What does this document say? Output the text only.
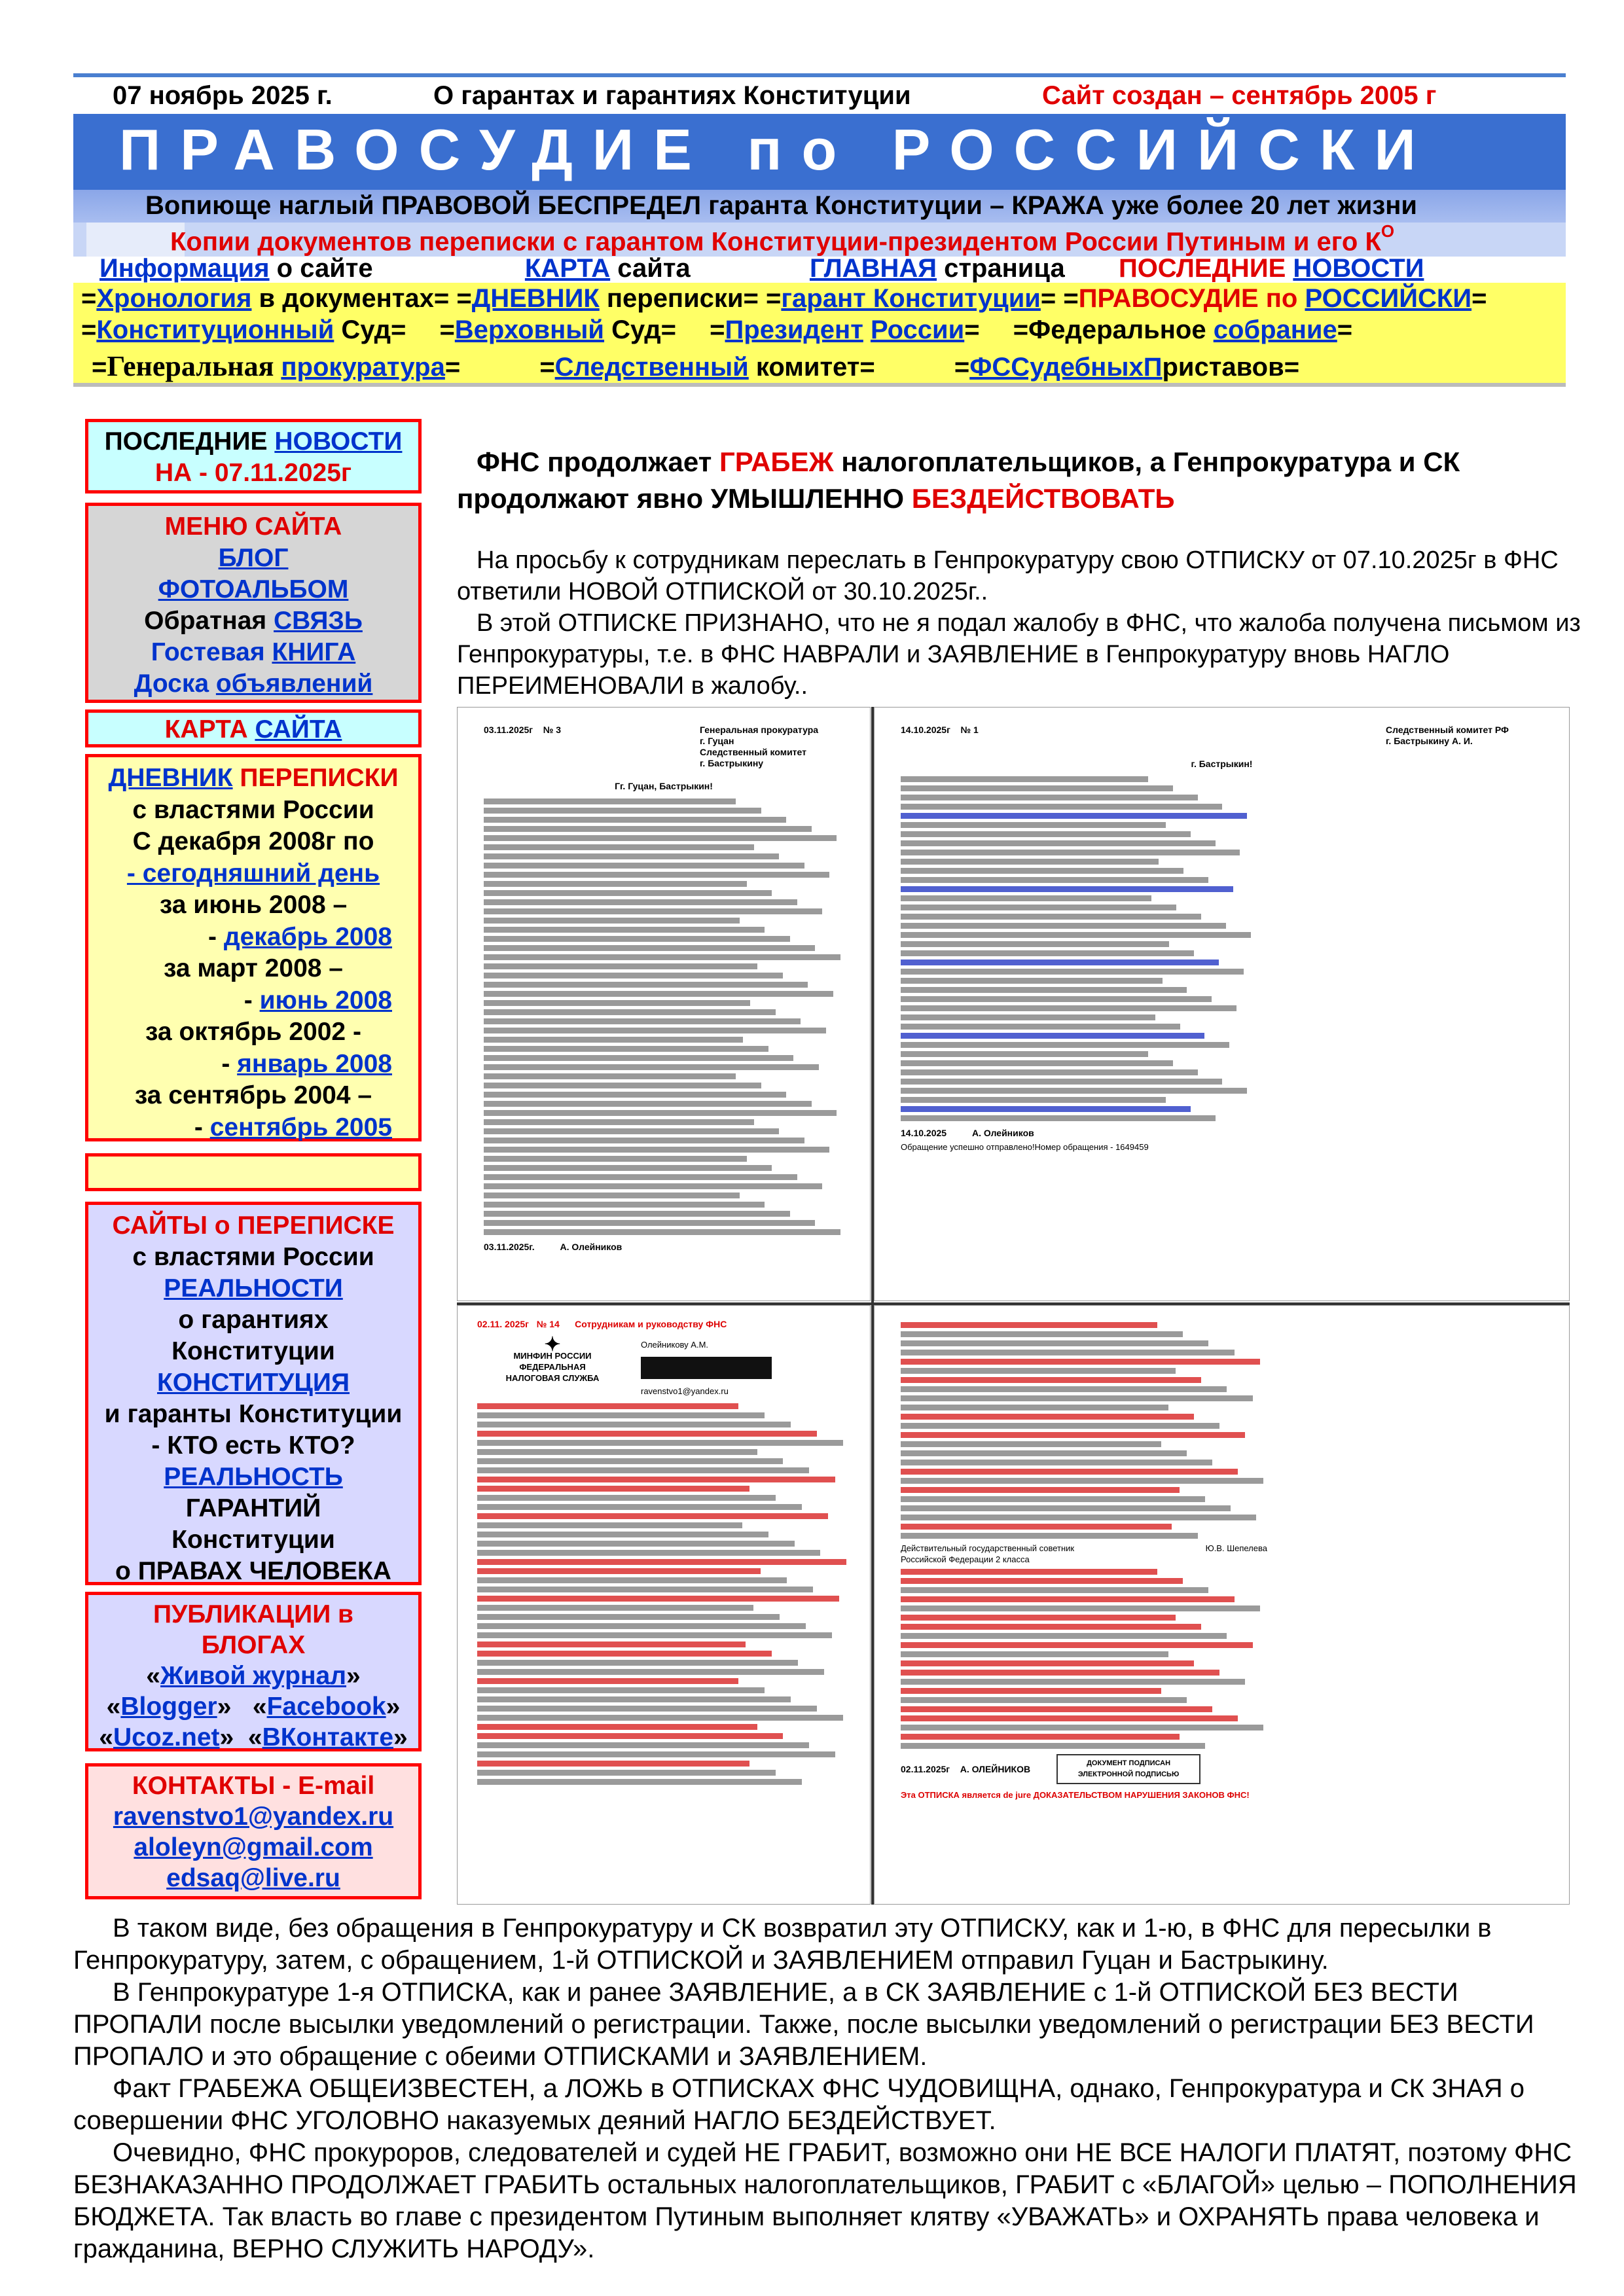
07 ноябрь 2025 г.	О гарантах и гарантиях Конституции	Сайт создан – сентябрь 2005 г
ПРАВОСУДИЕ по РОССИЙСКИ
Вопиюще наглый ПРАВОВОЙ БЕСПРЕДЕЛ гаранта Конституции – КРАЖА уже более 20 лет жизни
Копии документов переписки с гарантом Конституции-президентом России Путиным и его $К^О$
Информация о сайте	КАРТА сайта	ГЛАВНАЯ страница ПОСЛЕДНИЕ НОВОСТИ
=Хронология в документах= =ДНЕВНИК переписки= =гарант Конституции= =ПРАВОСУДИЕ по РОССИЙСКИ=
=Конституционный Суд= =Верховный Суд= =Президент России= =Федеральное собрание=
=Генеральная прокуратура=	=Следственный комитет=	=ФССудебныхПриставов=
ПОСЛЕДНИЕ НОВОСТИ
НА - 07.11.2025г
МЕНЮ САЙТА
БЛОГ
ФОТОАЛЬБОМ
Обратная СВЯЗЬ
Гостевая КНИГА
Доска объявлений
КАРТА САЙТА
ДНЕВНИК ПЕРЕПИСКИ
с властями России
С декабря 2008г по
- сегодняшний день
за июнь 2008 –
- декабрь 2008
за март 2008 –
- июнь 2008
за октябрь 2002 -
- январь 2008
за сентябрь 2004 –
- сентябрь 2005
САЙТЫ о ПЕРЕПИСКЕ
с властями России
РЕАЛЬНОСТИ
о гарантиях
Конституции
КОНСТИТУЦИЯ
и гаранты Конституции
- КТО есть КТО?
РЕАЛЬНОСТЬ
ГАРАНТИЙ
Конституции
о ПРАВАХ ЧЕЛОВЕКА
ПУБЛИКАЦИИ в БЛОГАХ
«Живой журнал»
«Blogger»   «Facebook»
«Ucoz.net»  «ВКонтакте»
КОНТАКТЫ - E-mail
ravenstvo1@yandex.ru
aloleyn@gmail.com
edsaq@live.ru
ФНС продолжает ГРАБЕЖ налогоплательщиков, а Генпрокуратура и СК продолжают явно УМЫШЛЕННО БЕЗДЕЙСТВОВАТЬ
На просьбу к сотрудникам переслать в Генпрокуратуру свою ОТПИСКУ от 07.10.2025г в ФНС ответили НОВОЙ ОТПИСКОЙ от 30.10.2025г..
В этой ОТПИСКЕ ПРИЗНАНО, что не я подал жалобу в ФНС, что жалоба получена письмом из Генпрокуратуры, т.е. в ФНС НАВРАЛИ и ЗАЯВЛЕНИЕ в Генпрокуратуру вновь НАГЛО ПЕРЕИМЕНОВАЛИ в жалобу..
03.11.2025г № 3	Генеральная прокуратура
г. Гуцан
Следственный комитет
г. Бастрыкину
Гг. Гуцан, Бастрыкин!
03.11.2025г.	А. Олейников
14.10.2025г № 1	Следственный комитет РФ
г. Бастрыкину А. И.
г. Бастрыкин!
14.10.2025	А. Олейников
Обращение успешно отправлено!Номер обращения - 1649459
02.11. 2025г № 14 Сотрудникам и руководству ФНС
✦
МИНФИН РОССИИ
ФЕДЕРАЛЬНАЯ
НАЛОГОВАЯ СЛУЖБА
Олейникову А.М.
ravenstvo1@yandex.ru
Действительный государственный советник Российской Федерации 2 класса
Ю.В. Шепелева
02.11.2025г А. ОЛЕЙНИКОВ
ДОКУМЕНТ ПОДПИСАН ЭЛЕКТРОННОЙ ПОДПИСЬЮ
Эта ОТПИСКА является de jure ДОКАЗАТЕЛЬСТВОМ НАРУШЕНИЯ ЗАКОНОВ ФНС!

В таком виде, без обращения в Генпрокуратуру и СК возвратил эту ОТПИСКУ, как и 1-ю, в ФНС для пересылки в Генпрокуратуру, затем, с обращением, 1-й ОТПИСКОЙ и ЗАЯВЛЕНИЕМ отправил Гуцан и Бастрыкину.

В Генпрокуратуре 1-я ОТПИСКА, как и ранее ЗАЯВЛЕНИЕ, а в СК ЗАЯВЛЕНИЕ с 1-й ОТПИСКОЙ БЕЗ ВЕСТИ ПРОПАЛИ после высылки уведомлений о регистрации. Также, после высылки уведомлений о регистрации БЕЗ ВЕСТИ ПРОПАЛО и это обращение с обеими ОТПИСКАМИ и ЗАЯВЛЕНИЕМ.

Факт ГРАБЕЖА ОБЩЕИЗВЕСТЕН, а ЛОЖЬ в ОТПИСКАХ ФНС ЧУДОВИЩНА, однако, Генпрокуратура и СК ЗНАЯ о совершении ФНС УГОЛОВНО наказуемых деяний НАГЛО БЕЗДЕЙСТВУЕТ.

Очевидно, ФНС прокуроров, следователей и судей НЕ ГРАБИТ, возможно они НЕ ВСЕ НАЛОГИ ПЛАТЯТ, поэтому ФНС БЕЗНАКАЗАННО ПРОДОЛЖАЕТ ГРАБИТЬ остальных налогоплательщиков, ГРАБИТ с «БЛАГОЙ» целью – ПОПОЛНЕНИЯ БЮДЖЕТА. Так власть во главе с президентом Путиным выполняет клятву «УВАЖАТЬ» и ОХРАНЯТЬ права человека и гражданина, ВЕРНО СЛУЖИТЬ НАРОДУ».
